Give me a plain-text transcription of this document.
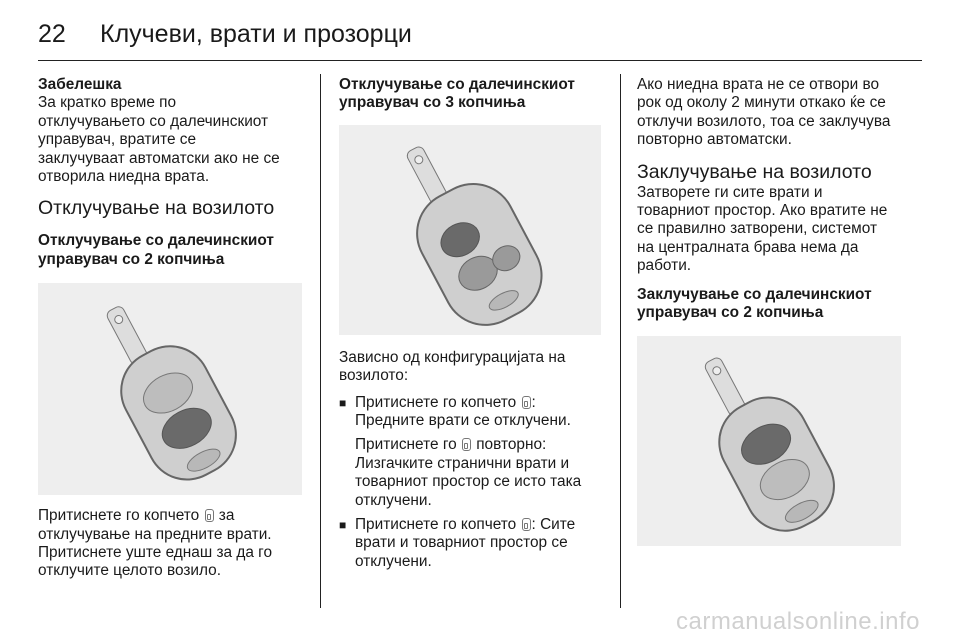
22 Клучеви, врати и прозорци

Забелешка

За кратко време по

отклучувањето со далечинскиот

управувач, вратите се

заклучуваат автоматски ако не се

отворила ниедна врата.

Отклучување на возилото

Отклучување со далечинскиот

управувач со 2 копчиња

Притиснете го копчето  за

отклучување на предните врати.

Притиснете уште еднаш за да го

отклучите целото возило.

Отклучување со далечинскиот

управувач со 3 копчиња

Зависно од конфигурацијата на

возилото:

■ Притиснете го копчето :

Предните врати се отклучени.

Притиснете го  повторно:

Лизгачките странични врати и

товарниот простор се исто така

отклучени.

■ Притиснете го копчето : Сите

врати и товарниот простор се

отклучени.

Ако ниедна врата не се отвори во

рок од околу 2 минути откако ќе се

отклучи возилото, тоа се заклучува

повторно автоматски.

Заклучување на возилото

Затворете ги сите врати и

товарниот простор. Ако вратите не

се правилно затворени, системот

на централната брава нема да

работи.

Заклучување со далечинскиот

управувач со 2 копчиња

carmanualsonline.info
